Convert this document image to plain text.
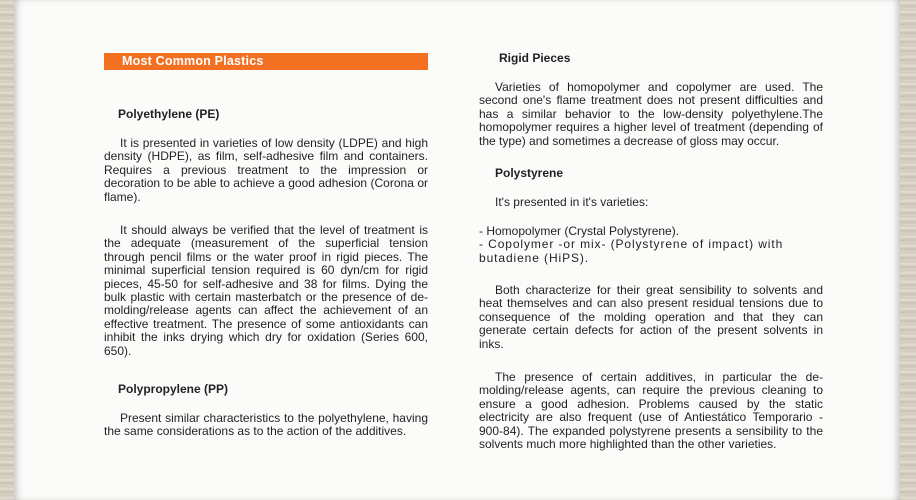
Most Common Plastics

Polyethylene (PE)

It is presented in varieties of low density (LDPE) and high density (HDPE), as film, self-adhesive film and containers. Requires a previous treatment to the impression or decoration to be able to achieve a good adhesion (Corona or flame).

It should always be verified that the level of treatment is the adequate (measurement of the superficial tension through pencil films or the water proof in rigid pieces. The minimal superficial tension required is 60 dyn/cm for rigid pieces, 45-50 for self-adhesive and 38 for films. Dying the bulk plastic with certain masterbatch or the presence of de-molding/release agents can affect the achievement of an effective treatment. The presence of some antioxidants can inhibit the inks drying which dry for oxidation (Series 600, 650).

Polypropylene (PP)

Present similar characteristics to the polyethylene, having the same considerations as to the action of the additives.

Rigid Pieces

Varieties of homopolymer and copolymer are used. The second one's flame treatment does not present difficulties and has a similar behavior to the low-density polyethylene.The homopolymer requires a higher level of treatment (depending of the type) and sometimes a decrease of gloss may occur.

Polystyrene

It's presented in it's varieties:

- Homopolymer (Crystal Polystyrene).
- Copolymer -or mix- (Polystyrene of impact) with butadiene (HiPS).

Both characterize for their great sensibility to solvents and heat themselves and can also present residual tensions due to consequence of the molding operation and that they can generate certain defects for action of the present solvents in inks.

The presence of certain additives, in particular the de-molding/release agents, can require the previous cleaning to ensure a good adhesion. Problems caused by the static electricity are also frequent (use of Antiestático Temporario - 900-84). The expanded polystyrene presents a sensibility to the solvents much more highlighted than the other varieties.
